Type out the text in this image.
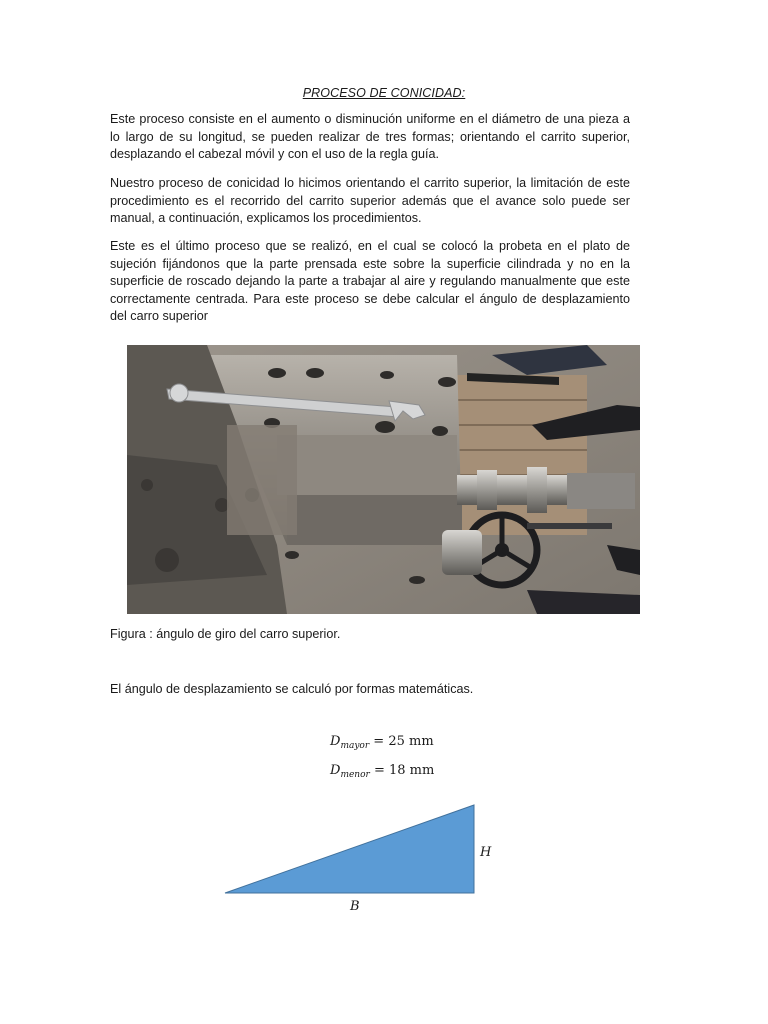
PROCESO DE CONICIDAD:

Este proceso consiste en el aumento o disminución uniforme en el diámetro de una pieza a lo largo de su longitud, se pueden realizar de tres formas; orientando el carrito superior, desplazando el cabezal móvil y con el uso de la regla guía.

Nuestro proceso de conicidad lo hicimos orientando el carrito superior, la limitación de este procedimiento es el recorrido del carrito superior además que el avance solo puede ser manual, a continuación, explicamos los procedimientos.

Este es el último proceso que se realizó, en el cual se colocó la probeta en el plato de sujeción fijándonos que la parte prensada este sobre la superficie cilindrada y no en la superficie de roscado dejando la parte a trabajar al aire y regulando manualmente que este correctamente centrada. Para este proceso se debe calcular el ángulo de desplazamiento del carro superior

Figura : ángulo de giro del carro superior.
El ángulo de desplazamiento se calculó por formas matemáticas.
$D_{mayor} = 25$ mm
$D_{menor} = 18$ mm
H
B
